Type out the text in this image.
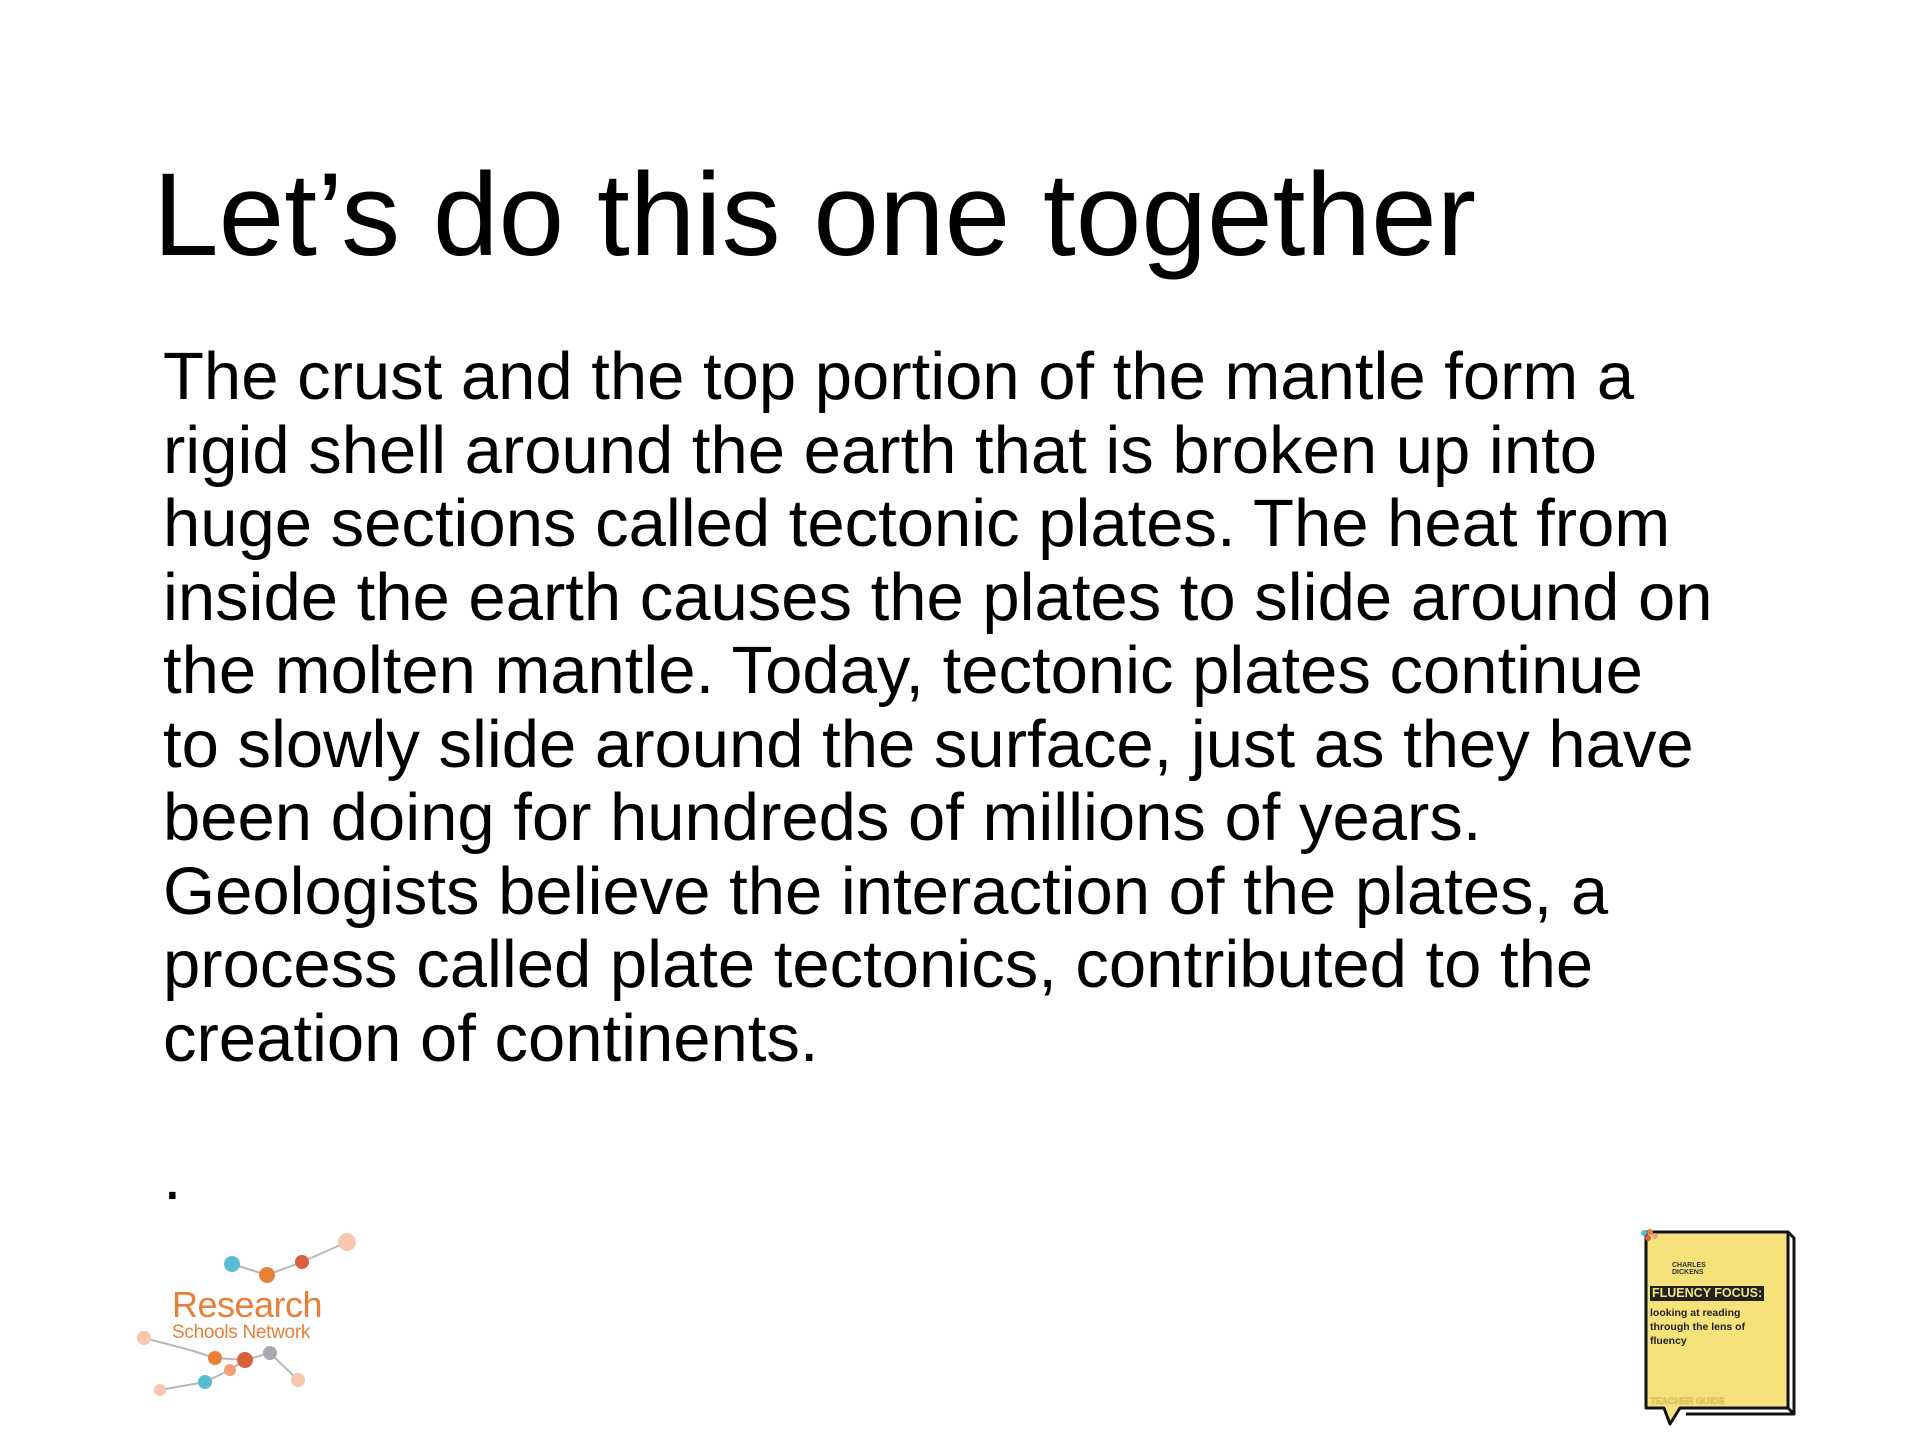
Let’s do this one together
The crust and the top portion of the mantle form a
rigid shell around the earth that is broken up into
huge sections called tectonic plates. The heat from
inside the earth causes the plates to slide around on
the molten mantle. Today, tectonic plates continue
to slowly slide around the surface, just as they have
been doing for hundreds of millions of years.
Geologists believe the interaction of the plates, a
process called plate tectonics, contributed to the
creation of continents.
.
Research
Schools Network
CHARLES DICKENS
FLUENCY FOCUS:
looking at reading through the lens of fluency
TEACHER GUIDE
